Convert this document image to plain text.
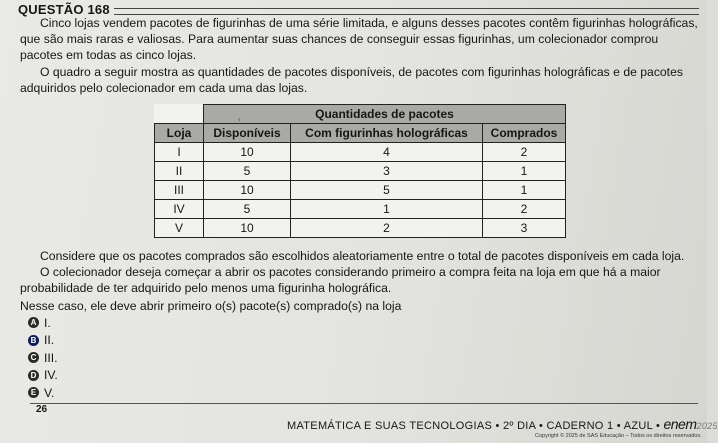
QUESTÃO 168

Cinco lojas vendem pacotes de figurinhas de uma série limitada, e alguns desses pacotes contêm figurinhas holográficas, que são mais raras e valiosas. Para aumentar suas chances de conseguir essas figurinhas, um colecionador comprou pacotes em todas as cinco lojas.

O quadro a seguir mostra as quantidades de pacotes disponíveis, de pacotes com figurinhas holográficas e de pacotes adquiridos pelo colecionador em cada uma das lojas.

	Quantidades de pacotes		
Loja	Disponíveis	Com figurinhas holográficas	Comprados
I	10	4	2
II	5	3	1
III	10	5	1
IV	5	1	2
V	10	2	3
‹

Considere que os pacotes comprados são escolhidos aleatoriamente entre o total de pacotes disponíveis em cada loja.

O colecionador deseja começar a abrir os pacotes considerando primeiro a compra feita na loja em que há a maior probabilidade de ter adquirido pelo menos uma figurinha holográfica.

Nesse caso, ele deve abrir primeiro o(s) pacote(s) comprado(s) na loja

A I.
B II.
C III.
D IV.
E V.
26
MATEMÁTICA E SUAS TECNOLOGIAS • 2º DIA • CADERNO 1 • AZUL • enem2025
Copyright © 2025 de SAS Educação – Todos os direitos reservados.
